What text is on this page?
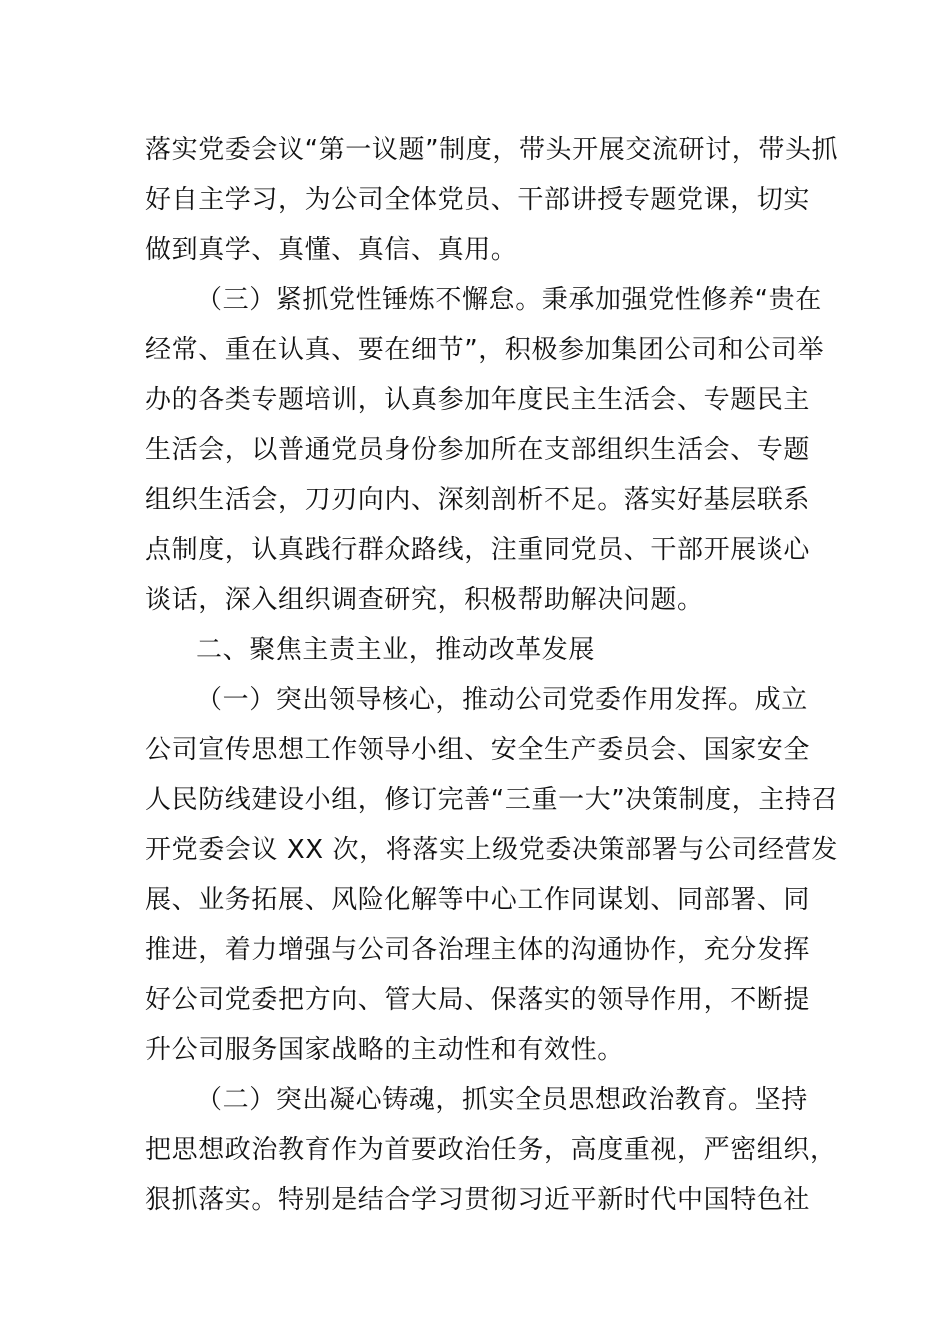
落实党委会议“第一议题”制度，带头开展交流研讨，带头抓
好自主学习，为公司全体党员、干部讲授专题党课，切实
做到真学、真懂、真信、真用。
（三）紧抓党性锤炼不懈怠。秉承加强党性修养“贵在
经常、重在认真、要在细节”，积极参加集团公司和公司举
办的各类专题培训，认真参加年度民主生活会、专题民主
生活会，以普通党员身份参加所在支部组织生活会、专题
组织生活会，刀刃向内、深刻剖析不足。落实好基层联系
点制度，认真践行群众路线，注重同党员、干部开展谈心
谈话，深入组织调查研究，积极帮助解决问题。
二、聚焦主责主业，推动改革发展
（一）突出领导核心，推动公司党委作用发挥。成立
公司宣传思想工作领导小组、安全生产委员会、国家安全
人民防线建设小组，修订完善“三重一大”决策制度，主持召
开党委会议 XX 次，将落实上级党委决策部署与公司经营发
展、业务拓展、风险化解等中心工作同谋划、同部署、同
推进，着力增强与公司各治理主体的沟通协作，充分发挥
好公司党委把方向、管大局、保落实的领导作用，不断提
升公司服务国家战略的主动性和有效性。
（二）突出凝心铸魂，抓实全员思想政治教育。坚持
把思想政治教育作为首要政治任务，高度重视，严密组织，
狠抓落实。特别是结合学习贯彻习近平新时代中国特色社
